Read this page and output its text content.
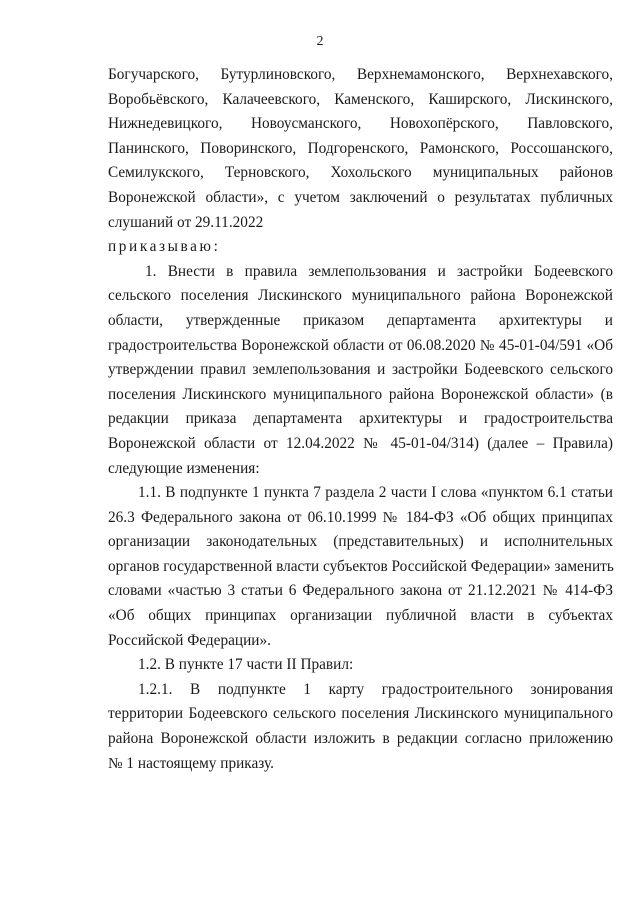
2

Богучарского, Бутурлиновского, Верхнемамонского, Верхнехавского,

Воробьёвского, Калачеевского, Каменского, Каширского, Лискинского,

Нижнедевицкого, Новоусманского, Новохопёрского, Павловского,

Панинского, Поворинского, Подгоренского, Рамонского, Россошанского,

Семилукского, Терновского, Хохольского муниципальных районов

Воронежской области», с учетом заключений о результатах публичных

слушаний от 29.11.2022

приказываю:

1. Внести в правила землепользования и застройки Бодеевского

сельского поселения Лискинского муниципального района Воронежской

области, утвержденные приказом департамента архитектуры и

градостроительства Воронежской области от 06.08.2020 № 45-01-04/591 «Об

утверждении правил землепользования и застройки Бодеевского сельского

поселения Лискинского муниципального района Воронежской области» (в

редакции приказа департамента архитектуры и градостроительства

Воронежской области от 12.04.2022 № 45-01-04/314) (далее – Правила)

следующие изменения:

1.1. В подпункте 1 пункта 7 раздела 2 части I слова «пунктом 6.1 статьи

26.3 Федерального закона от 06.10.1999 № 184-ФЗ «Об общих принципах

организации законодательных (представительных) и исполнительных

органов государственной власти субъектов Российской Федерации» заменить

словами «частью 3 статьи 6 Федерального закона от 21.12.2021 № 414-ФЗ

«Об общих принципах организации публичной власти в субъектах

Российской Федерации».

1.2. В пункте 17 части II Правил:

1.2.1. В подпункте 1 карту градостроительного зонирования

территории Бодеевского сельского поселения Лискинского муниципального

района Воронежской области изложить в редакции согласно приложению

№ 1 настоящему приказу.
